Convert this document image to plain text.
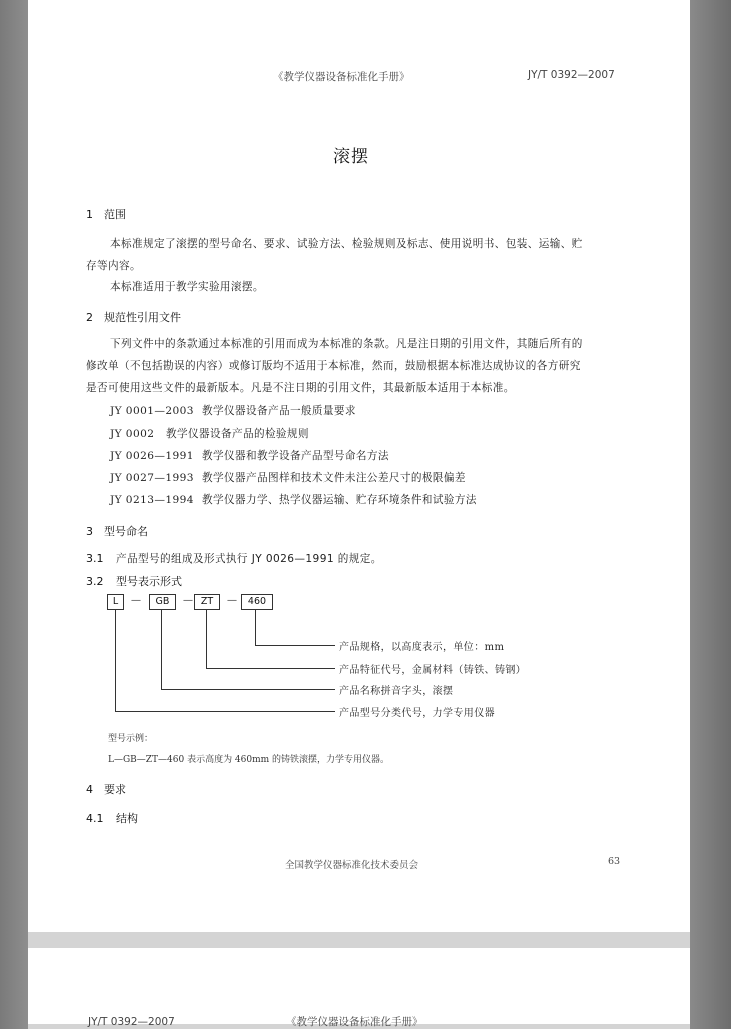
《教学仪器设备标准化手册》	JY/T 0392—2007
滚摆
1 范围
本标准规定了滚摆的型号命名、要求、试验方法、检验规则及标志、使用说明书、包装、运输、贮
存等内容。
本标准适用于教学实验用滚摆。
2 规范性引用文件
下列文件中的条款通过本标准的引用而成为本标准的条款。凡是注日期的引用文件，其随后所有的
修改单（不包括勘误的内容）或修订版均不适用于本标准，然而，鼓励根据本标准达成协议的各方研究
是否可使用这些文件的最新版本。凡是不注日期的引用文件，其最新版本适用于本标准。
JY 0001—2003 教学仪器设备产品一般质量要求
JY 0002 教学仪器设备产品的检验规则
JY 0026—1991 教学仪器和教学设备产品型号命名方法
JY 0027—1993 教学仪器产品图样和技术文件未注公差尺寸的极限偏差
JY 0213—1994 教学仪器力学、热学仪器运输、贮存环境条件和试验方法
3 型号命名
3.1 产品型号的组成及形式执行 JY 0026—1991 的规定。
3.2 型号表示形式
L	—	GB	— ZT	—	460
产品规格，以高度表示，单位：mm
产品特征代号，金属材料（铸铁、铸钢）
产品名称拼音字头，滚摆
产品型号分类代号，力学专用仪器
型号示例：
L—GB—ZT—460 表示高度为 460mm 的铸铁滚摆，力学专用仪器。
4 要求
4.1 结构
全国教学仪器标准化技术委员会	63
JY/T 0392—2007	《教学仪器设备标准化手册》
